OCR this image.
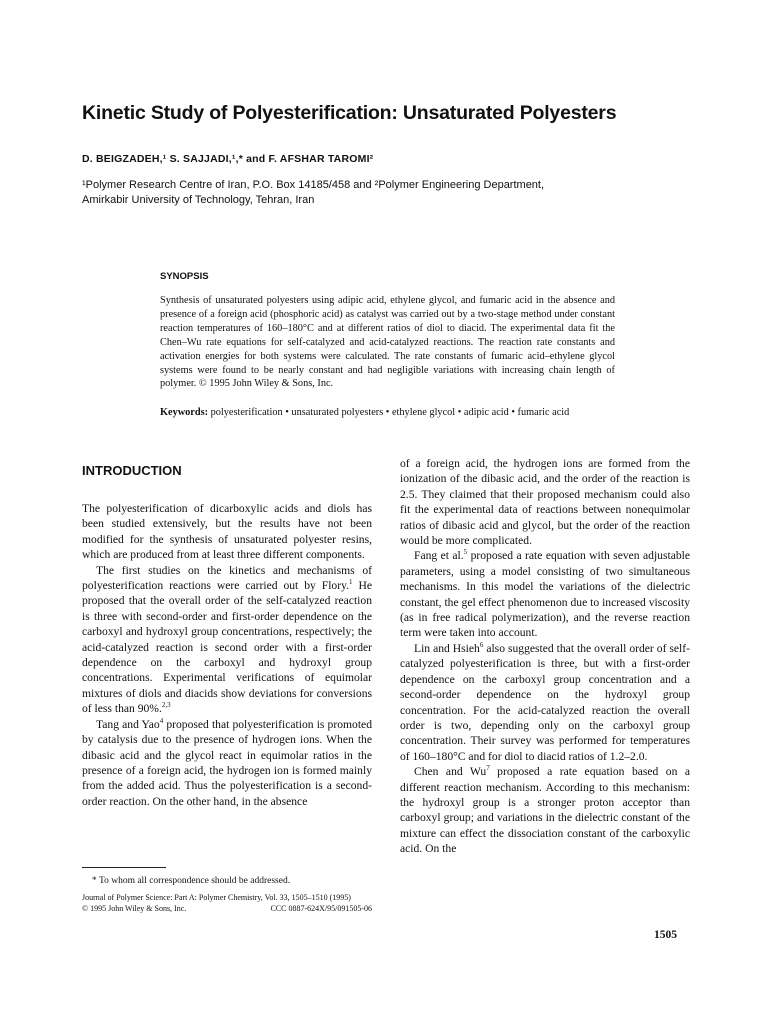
Kinetic Study of Polyesterification: Unsaturated Polyesters
D. BEIGZADEH,¹ S. SAJJADI,¹,* and F. AFSHAR TAROMI²
¹Polymer Research Centre of Iran, P.O. Box 14185/458 and ²Polymer Engineering Department,
Amirkabir University of Technology, Tehran, Iran
SYNOPSIS
Synthesis of unsaturated polyesters using adipic acid, ethylene glycol, and fumaric acid in the absence and presence of a foreign acid (phosphoric acid) as catalyst was carried out by a two-stage method under constant reaction temperatures of 160–180°C and at different ratios of diol to diacid. The experimental data fit the Chen–Wu rate equations for self-catalyzed and acid-catalyzed reactions. The reaction rate constants and activation energies for both systems were calculated. The rate constants of fumaric acid–ethylene glycol systems were found to be nearly constant and had negligible variations with increasing chain length of polymer. © 1995 John Wiley & Sons, Inc.
Keywords: polyesterification • unsaturated polyesters • ethylene glycol • adipic acid • fumaric acid
INTRODUCTION

The polyesterification of dicarboxylic acids and diols has been studied extensively, but the results have not been modified for the synthesis of unsaturated polyester resins, which are produced from at least three different components.

The first studies on the kinetics and mechanisms of polyesterification reactions were carried out by Flory.$^1$ He proposed that the overall order of the self-catalyzed reaction is three with second-order and first-order dependence on the carboxyl and hydroxyl group concentrations, respectively; the acid-catalyzed reaction is second order with a first-order dependence on the carboxyl and hydroxyl group concentrations. Experimental verifications of equimolar mixtures of diols and diacids show deviations for conversions of less than 90%.$^{2,3}$

Tang and Yao$^4$ proposed that polyesterification is promoted by catalysis due to the presence of hydrogen ions. When the dibasic acid and the glycol react in equimolar ratios in the presence of a foreign acid, the hydrogen ion is formed mainly from the added acid. Thus the polyesterification is a second-order reaction. On the other hand, in the absence

of a foreign acid, the hydrogen ions are formed from the ionization of the dibasic acid, and the order of the reaction is 2.5. They claimed that their proposed mechanism could also fit the experimental data of reactions between nonequimolar ratios of dibasic acid and glycol, but the order of the reaction would be more complicated.

Fang et al.$^5$ proposed a rate equation with seven adjustable parameters, using a model consisting of two simultaneous mechanisms. In this model the variations of the dielectric constant, the gel effect phenomenon due to increased viscosity (as in free radical polymerization), and the reverse reaction term were taken into account.

Lin and Hsieh$^6$ also suggested that the overall order of self-catalyzed polyesterification is three, but with a first-order dependence on the carboxyl group concentration and a second-order dependence on the hydroxyl group concentration. For the acid-catalyzed reaction the overall order is two, depending only on the carboxyl group concentration. Their survey was performed for temperatures of 160–180°C and for diol to diacid ratios of 1.2–2.0.

Chen and Wu$^7$ proposed a rate equation based on a different reaction mechanism. According to this mechanism: the hydroxyl group is a stronger proton acceptor than carboxyl group; and variations in the dielectric constant of the mixture can effect the dissociation constant of the carboxylic acid. On the

* To whom all correspondence should be addressed.
Journal of Polymer Science: Part A: Polymer Chemistry, Vol. 33, 1505–1510 (1995)
© 1995 John Wiley & Sons, Inc.	CCC 0887-624X/95/091505-06
1505
